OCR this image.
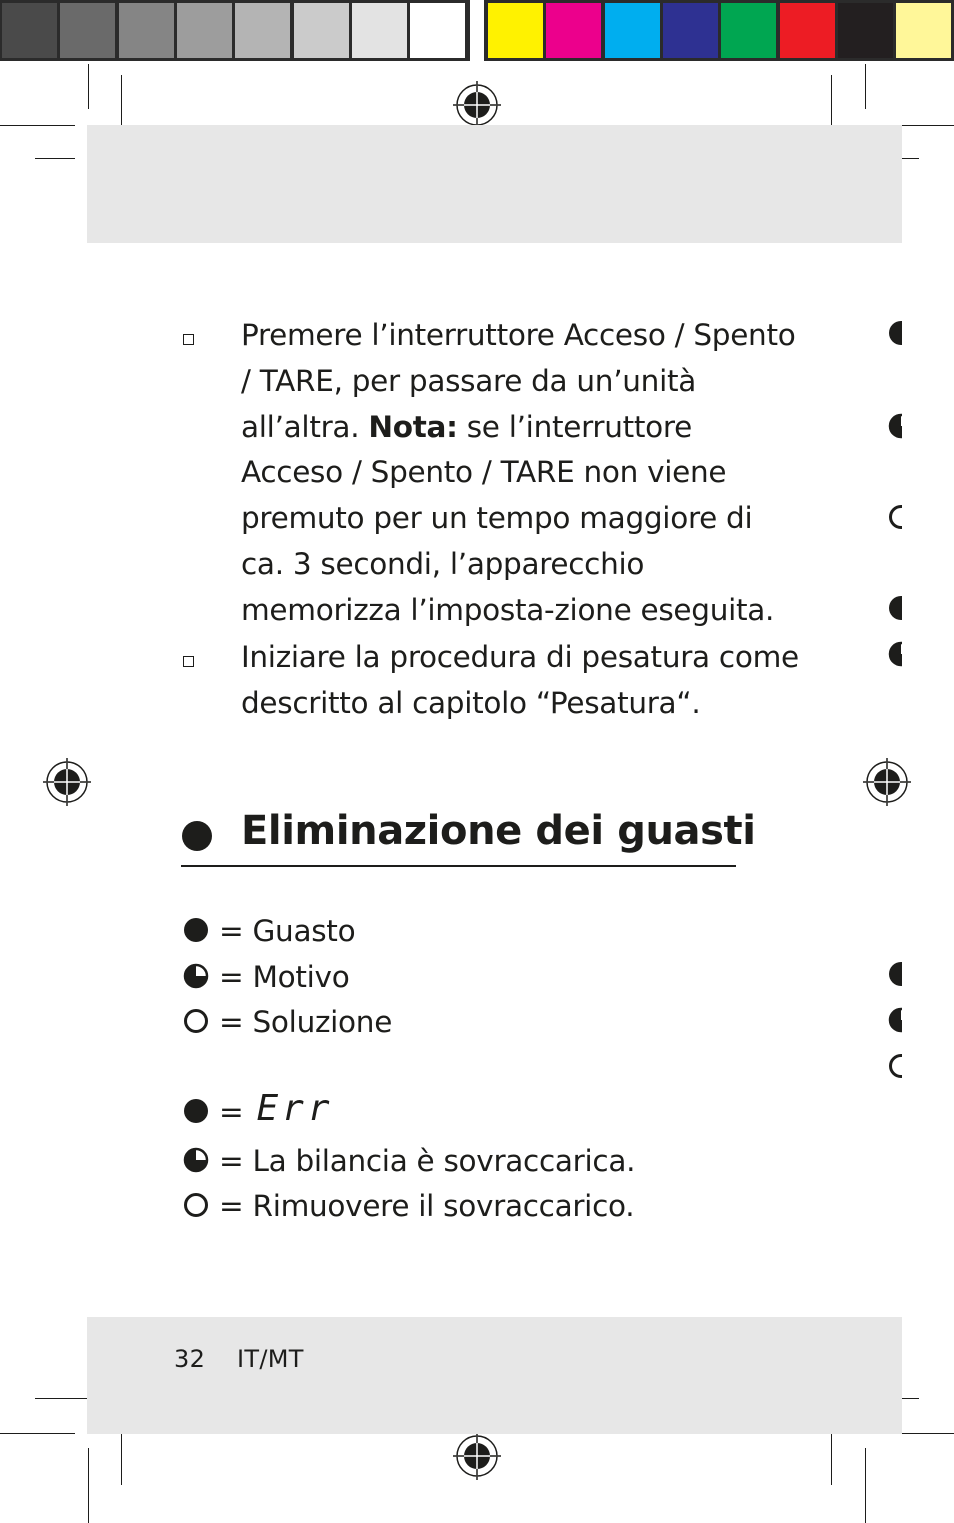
Premere l’interruttore Acceso / Spento / TARE, per passare da un’unità all’altra. Nota: se l’interruttore Acceso / Spento / TARE non viene premuto per un tempo maggiore di ca. 3 secondi, l’apparecchio memorizza l’imposta-zione eseguita.
Iniziare la procedura di pesatura come descritto al capitolo “Pesatura“.
Eliminazione dei guasti
= Guasto
= Motivo
= Soluzione
= Err
= La bilancia è sovraccarica.
= Rimuovere il sovraccarico.
32 IT/MT
